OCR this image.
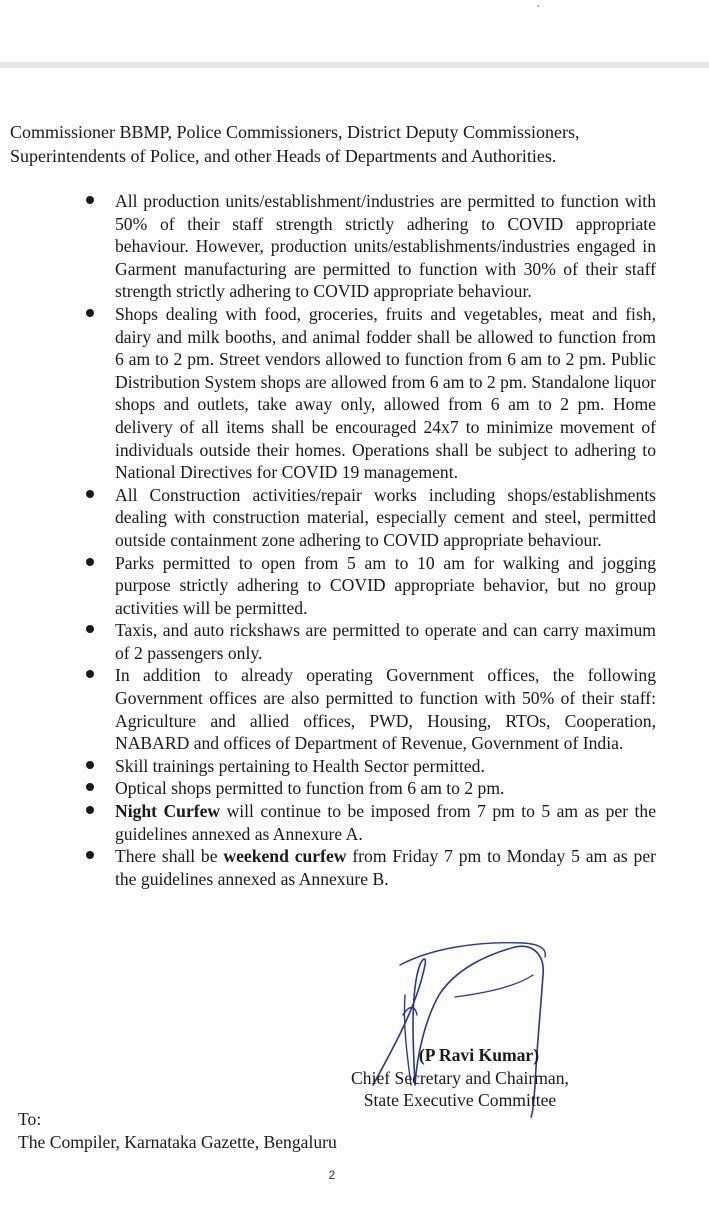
Commissioner BBMP, Police Commissioners, District Deputy Commissioners, Superintendents of Police, and other Heads of Departments and Authorities.

All production units/establishment/industries are permitted to function with 50% of their staff strength strictly adhering to COVID appropriate behaviour. However, production units/establishments/industries engaged in Garment manufacturing are permitted to function with 30% of their staff strength strictly adhering to COVID appropriate behaviour.
Shops dealing with food, groceries, fruits and vegetables, meat and fish, dairy and milk booths, and animal fodder shall be allowed to function from 6 am to 2 pm. Street vendors allowed to function from 6 am to 2 pm. Public Distribution System shops are allowed from 6 am to 2 pm. Standalone liquor shops and outlets, take away only, allowed from 6 am to 2 pm. Home delivery of all items shall be encouraged 24x7 to minimize movement of individuals outside their homes. Operations shall be subject to adhering to National Directives for COVID 19 management.
All Construction activities/repair works including shops/establishments dealing with construction material, especially cement and steel, permitted outside containment zone adhering to COVID appropriate behaviour.
Parks permitted to open from 5 am to 10 am for walking and jogging purpose strictly adhering to COVID appropriate behavior, but no group activities will be permitted.
Taxis, and auto rickshaws are permitted to operate and can carry maximum of 2 passengers only.
In addition to already operating Government offices, the following Government offices are also permitted to function with 50% of their staff: Agriculture and allied offices, PWD, Housing, RTOs, Cooperation, NABARD and offices of Department of Revenue, Government of India.
Skill trainings pertaining to Health Sector permitted.
Optical shops permitted to function from 6 am to 2 pm.
Night Curfew will continue to be imposed from 7 pm to 5 am as per the guidelines annexed as Annexure A.
There shall be weekend curfew from Friday 7 pm to Monday 5 am as per the guidelines annexed as Annexure B.

(P Ravi Kumar)
Chief Secretary and Chairman,
State Executive Committee

To:
The Compiler, Karnataka Gazette, Bengaluru

2
